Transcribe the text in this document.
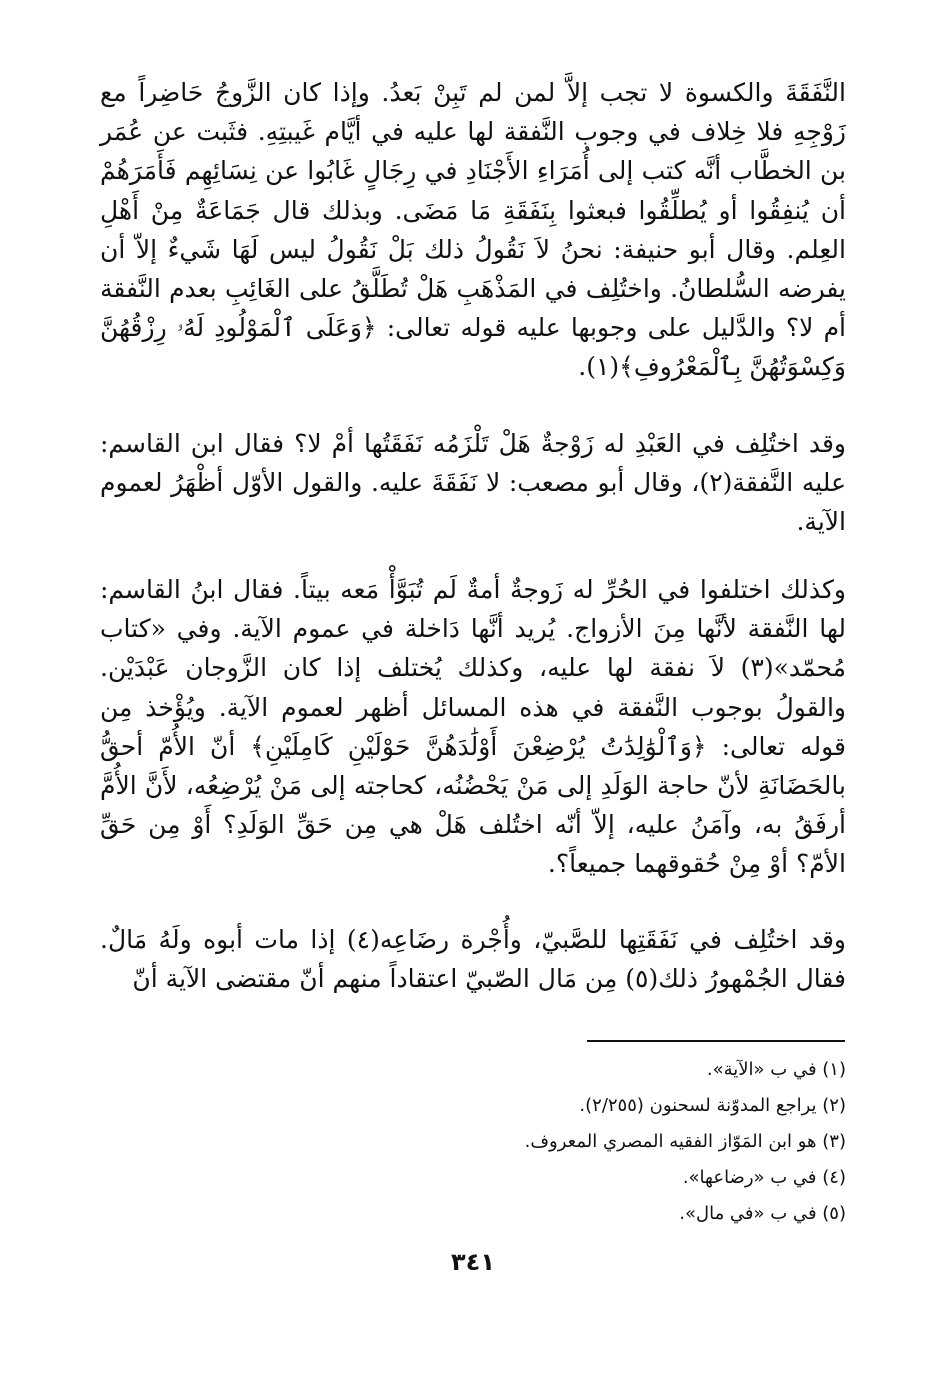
النَّفَقَةَ والكسوة لا تجب إلاَّ لمن لم تَبِنْ بَعدُ. وإذا كان الزَّوجُ حَاضِراً مع زَوْجِهِ فلا خِلاف في وجوب النَّفقة لها عليه في أيَّام غَيبتِهِ. فثَبت عن عُمَر بن الخطَّاب أنَّه كتب إلى أُمَرَاءِ الأَجْنَادِ في رِجَالٍ غَابُوا عن نِسَائِهِم فَأَمَرَهُمْ أن يُنفِقُوا أو يُطلِّقُوا فبعثوا بِنَفَقَةِ مَا مَضَى. وبذلك قال جَمَاعَةٌ مِنْ أَهْلِ العِلم. وقال أبو حنيفة: نحنُ لاَ نَقُولُ ذلك بَلْ نَقُولُ ليس لَهَا شَيءٌ إلاّ أن يفرضه السُّلطانُ. واختُلِف في المَذْهَبِ هَلْ تُطَلَّقُ على الغَائِبِ بعدم النَّفقة أم لا؟ والدَّليل على وجوبها عليه قوله تعالى: ﴿وَعَلَى ٱلْمَوْلُودِ لَهُۥ رِزْقُهُنَّ وَكِسْوَتُهُنَّ بِٱلْمَعْرُوفِ﴾(١).

وقد اختُلِف في العَبْدِ له زَوْجةٌ هَلْ تَلْزَمُه نَفَقَتُها أمْ لا؟ فقال ابن القاسم: عليه النَّفقة(٢)، وقال أبو مصعب: لا نَفَقَةَ عليه. والقول الأوّل أظْهَرُ لعموم الآية.

وكذلك اختلفوا في الحُرِّ له زَوجةٌ أمةٌ لَم تُبَوَّأْ مَعه بيتاً. فقال ابنُ القاسم: لها النَّفقة لأنَّها مِنَ الأزواج. يُريد أنَّها دَاخلة في عموم الآية. وفي «كتاب مُحمّد»(٣) لاَ نفقة لها عليه، وكذلك يُختلف إذا كان الزَّوجان عَبْدَيْن. والقولُ بوجوب النَّفقة في هذه المسائل أظهر لعموم الآية. ويُؤْخذ مِن قوله تعالى: ﴿وَٱلْوَٰلِدَٰتُ يُرْضِعْنَ أَوْلَٰدَهُنَّ حَوْلَيْنِ كَامِلَيْنِ﴾ أنّ الأُمّ أحقُّ بالحَضَانَةِ لأنّ حاجة الوَلَدِ إلى مَنْ يَحْضُنُه، كحاجته إلى مَنْ يُرْضِعُه، لأَنَّ الأُمَّ أرفَقُ به، وآمَنُ عليه، إلاّ أنّه اختُلف هَلْ هي مِن حَقِّ الوَلَدِ؟ أَوْ مِن حَقِّ الأمّ؟ أوْ مِنْ حُقوقهما جميعاً؟.

وقد اختُلِف في نَفَقَتِها للصَّبيّ، وأُجْرة رضَاعِه(٤) إذا مات أبوه ولَهُ مَالٌ. فقال الجُمْهورُ ذلك(٥) مِن مَال الصّبيّ اعتقاداً منهم أنّ مقتضى الآية أنّ

(١) في ب «الآية».
(٢) يراجع المدوّنة لسحنون (٢/٢٥٥).
(٣) هو ابن المَوّاز الفقيه المصري المعروف.
(٤) في ب «رضاعها».
(٥) في ب «في مال».
٣٤١
